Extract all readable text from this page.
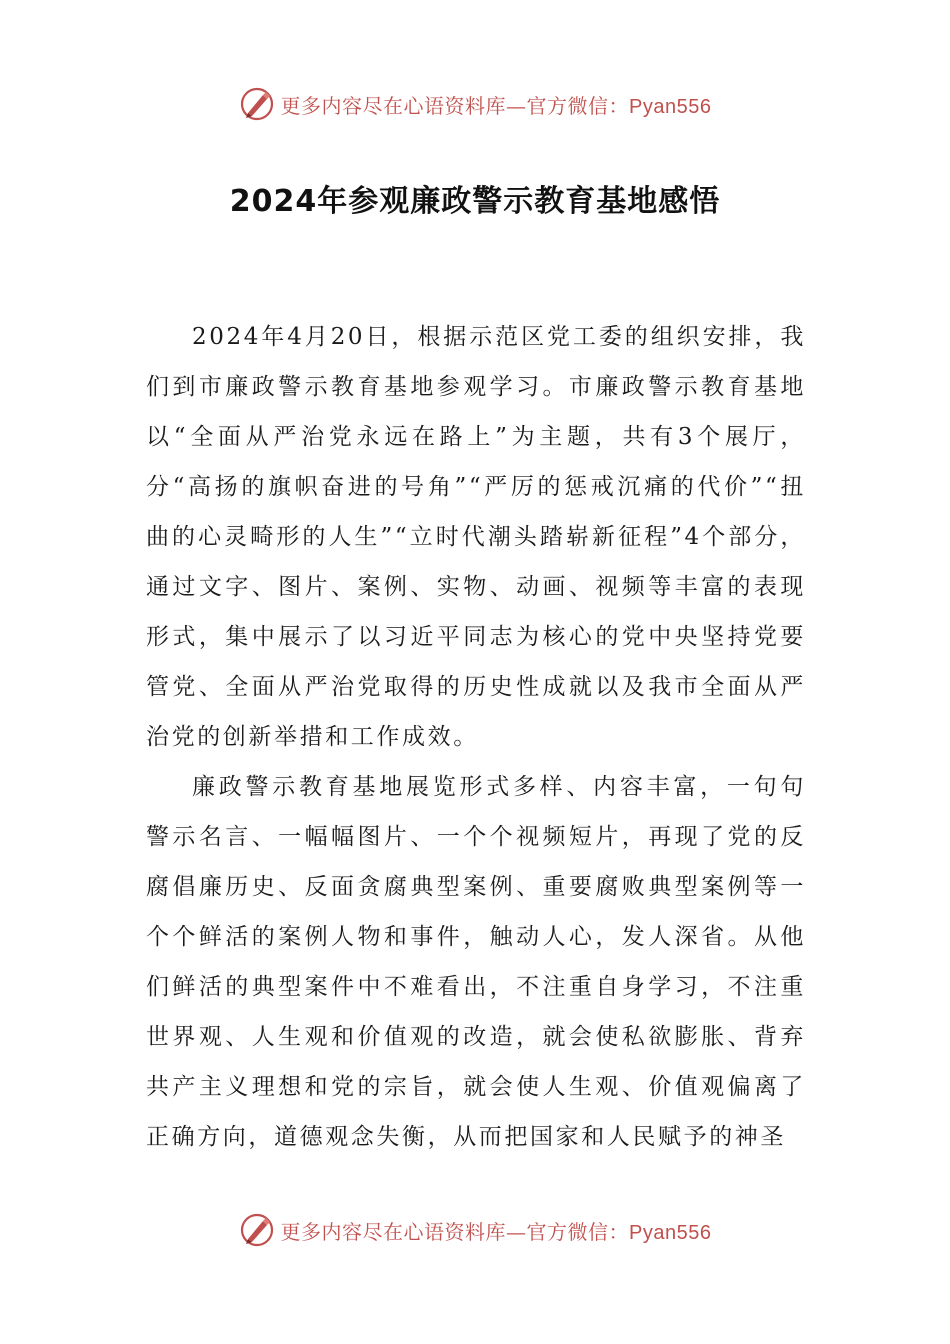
更多内容尽在心语资料库—官方微信：Pyan556
2024年参观廉政警示教育基地感悟

2024年4月20日，根据示范区党工委的组织安排，我们到市廉政警示教育基地参观学习。市廉政警示教育基地以“全面从严治党永远在路上”为主题，共有3个展厅，分“高扬的旗帜奋进的号角”“严厉的惩戒沉痛的代价”“扭曲的心灵畸形的人生”“立时代潮头踏崭新征程”4个部分，通过文字、图片、案例、实物、动画、视频等丰富的表现形式，集中展示了以习近平同志为核心的党中央坚持党要管党、全面从严治党取得的历史性成就以及我市全面从严治党的创新举措和工作成效。

廉政警示教育基地展览形式多样、内容丰富，一句句警示名言、一幅幅图片、一个个视频短片，再现了党的反腐倡廉历史、反面贪腐典型案例、重要腐败典型案例等一个个鲜活的案例人物和事件，触动人心，发人深省。从他们鲜活的典型案件中不难看出，不注重自身学习，不注重世界观、人生观和价值观的改造，就会使私欲膨胀、背弃共产主义理想和党的宗旨，就会使人生观、价值观偏离了正确方向，道德观念失衡，从而把国家和人民赋予的神圣

更多内容尽在心语资料库—官方微信：Pyan556
